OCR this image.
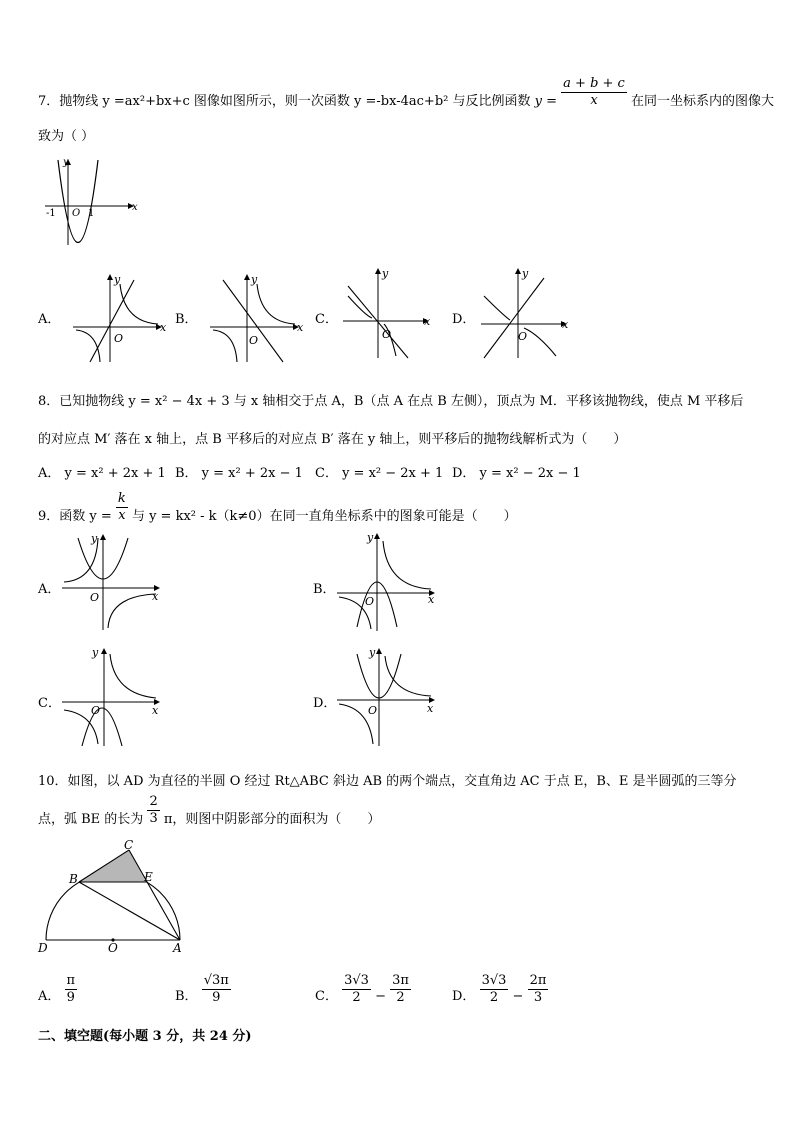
7．抛物线 y =ax²+bx+c 图像如图所示，则一次函数 y =-bx-4ac+b² 与反比例函数 $y = \frac{a + b + c}{x}$ 在同一坐标系内的图像大
致为（ ）
x
y
O
-1	1
A．
x
y
O
B．
x
y
O
C．	x
y
O
D．	x
y
O
8．已知抛物线 y = x² − 4x + 3 与 x 轴相交于点 A，B（点 A 在点 B 左侧），顶点为 M．平移该抛物线，使点 M 平移后
的对应点 M′ 落在 x 轴上，点 B 平移后的对应点 B′ 落在 y 轴上，则平移后的抛物线解析式为（　　）
A． y = x² + 2x + 1 B． y = x² + 2x − 1 C． y = x² − 2x + 1 D． y = x² − 2x − 1
9．函数 $y = \frac{k}{x}$ 与 y = kx² - k（k≠0）在同一直角坐标系中的图象可能是（　　）
A．	x
y
O
B．
x
y
O
C．	x
y
O	D．	x
y
O
10．如图，以 AD 为直径的半圆 O 经过 Rt△ABC 斜边 AB 的两个端点，交直角边 AC 于点 E，B、E 是半圆弧的三等分
点，弧 BE 的长为 $\frac{2}{3}$ π，则图中阴影部分的面积为（　　）
D	A
O
B
C
E
A． $\frac{\pi}{9}$	B． $\frac{√3\pi}{9}$	C． $\frac{3√3}{2} - \frac{3\pi}{2}$	D． $\frac{3√3}{2} - \frac{2\pi}{3}$
二、填空题(每小题 3 分，共 24 分)
